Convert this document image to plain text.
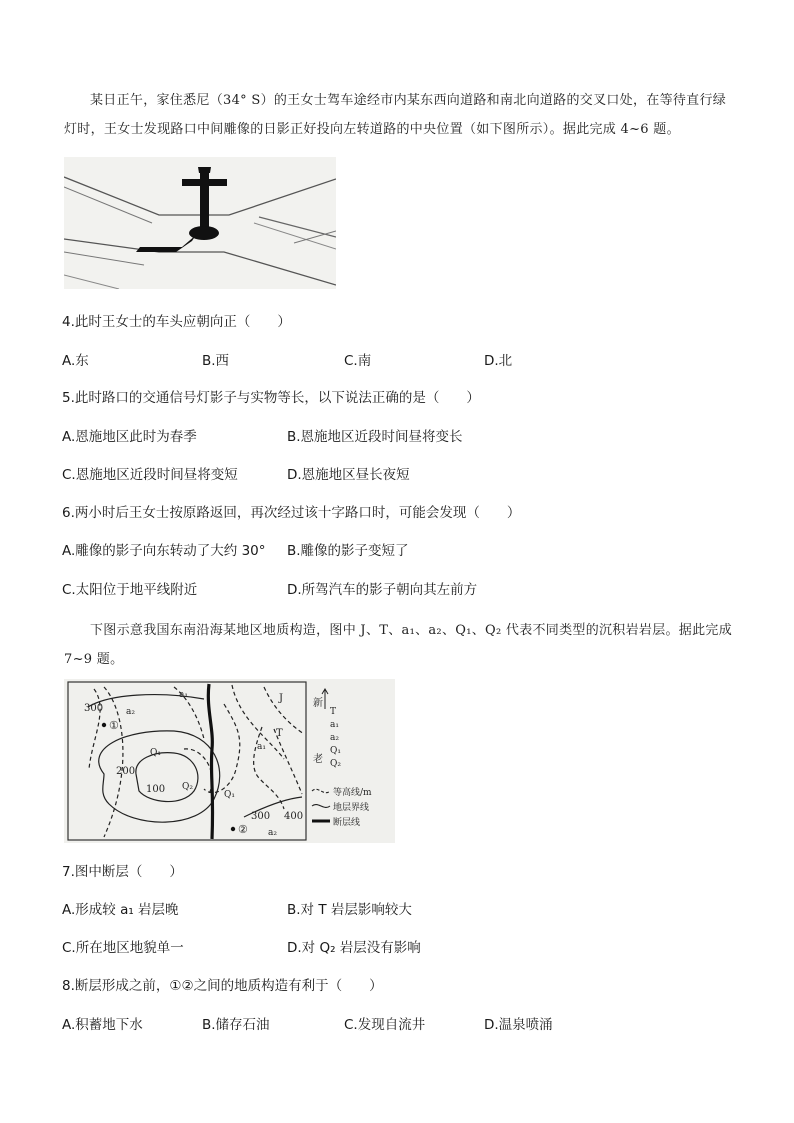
某日正午，家住悉尼（34° S）的王女士驾车途经市内某东西向道路和南北向道路的交叉口处，在等待直行绿灯时，王女士发现路口中间雕像的日影正好投向左转道路的中央位置（如下图所示）。据此完成 4~6 题。
4.此时王女士的车头应朝向正（　　）
A.东	B.西	C.南	D.北
5.此时路口的交通信号灯影子与实物等长，以下说法正确的是（　　）
A.恩施地区此时为春季	B.恩施地区近段时间昼将变长
C.恩施地区近段时间昼将变短	D.恩施地区昼长夜短
6.两小时后王女士按原路返回，再次经过该十字路口时，可能会发现（　　）
A.雕像的影子向东转动了大约 30° B.雕像的影子变短了
C.太阳位于地平线附近	D.所驾汽车的影子朝向其左前方
下图示意我国东南沿海某地区地质构造，图中 J、T、a₁、a₂、Q₁、Q₂ 代表不同类型的沉积岩岩层。据此完成 7~9 题。
300
200
100
300 400
a₁
a₂
J
T
a₁
Q₁
Q₂
Q₁
a₂
①
②
新
老
T
a₁
a₂
Q₁
Q₂
等高线/m
地层界线
断层线
7.图中断层（　　）
A.形成较 a₁ 岩层晚	B.对 T 岩层影响较大
C.所在地区地貌单一	D.对 Q₂ 岩层没有影响
8.断层形成之前，①②之间的地质构造有利于（　　）
A.积蓄地下水	B.储存石油	C.发现自流井	D.温泉喷涌
